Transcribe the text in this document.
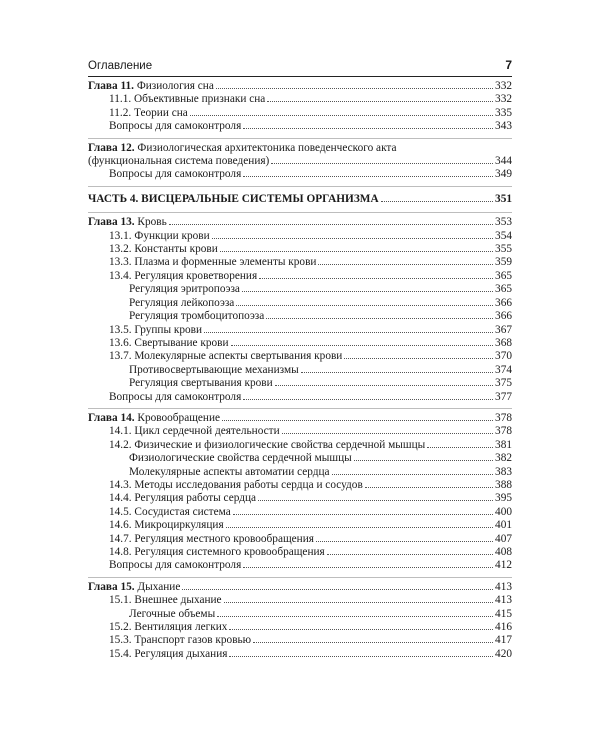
Оглавление	7
Глава 11. Физиология сна	332
11.1. Объективные признаки сна	332
11.2. Теории сна	335
Вопросы для самоконтроля	343
Глава 12. Физиологическая архитектоника поведенческого акта
(функциональная система поведения)	344
Вопросы для самоконтроля	349
ЧАСТЬ 4. ВИСЦЕРАЛЬНЫЕ СИСТЕМЫ ОРГАНИЗМА	351
Глава 13. Кровь	353
13.1. Функции крови	354
13.2. Константы крови	355
13.3. Плазма и форменные элементы крови	359
13.4. Регуляция кроветворения	365
Регуляция эритропоэза	365
Регуляция лейкопоэза	366
Регуляция тромбоцитопоэза	366
13.5. Группы крови	367
13.6. Свертывание крови	368
13.7. Молекулярные аспекты свертывания крови	370
Противосвертывающие механизмы	374
Регуляция свертывания крови	375
Вопросы для самоконтроля	377
Глава 14. Кровообращение	378
14.1. Цикл сердечной деятельности	378
14.2. Физические и физиологические свойства сердечной мышцы	381
Физиологические свойства сердечной мышцы	382
Молекулярные аспекты автоматии сердца	383
14.3. Методы исследования работы сердца и сосудов	388
14.4. Регуляция работы сердца	395
14.5. Сосудистая система	400
14.6. Микроциркуляция	401
14.7. Регуляция местного кровообращения	407
14.8. Регуляция системного кровообращения	408
Вопросы для самоконтроля	412
Глава 15. Дыхание	413
15.1. Внешнее дыхание	413
Легочные объемы	415
15.2. Вентиляция легких	416
15.3. Транспорт газов кровью	417
15.4. Регуляция дыхания	420
